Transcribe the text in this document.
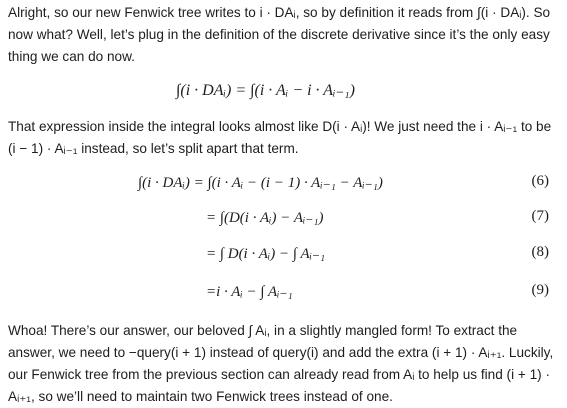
Alright, so our new Fenwick tree writes to i · DAᵢ, so by definition it reads from ∫(i · DAᵢ). So now what? Well, let’s plug in the definition of the discrete derivative since it’s the only easy thing we can do now.

∫(i · DAᵢ) = ∫(i · Aᵢ − i · Aᵢ₋₁)

That expression inside the integral looks almost like D(i · Aᵢ)! We just need the i · Aᵢ₋₁ to be (i − 1) · Aᵢ₋₁ instead, so let’s split apart that term.

∫(i · DAᵢ) = ∫(i · Aᵢ − (i − 1) · Aᵢ₋₁ − Aᵢ₋₁)	(6)
= ∫(D(i · Aᵢ) − Aᵢ₋₁)	(7)
= ∫ D(i · Aᵢ) − ∫ Aᵢ₋₁	(8)
=i · Aᵢ − ∫ Aᵢ₋₁	(9)

Whoa! There’s our answer, our beloved ∫ Aᵢ, in a slightly mangled form! To extract the answer, we need to −query(i + 1) instead of query(i) and add the extra (i + 1) · Aᵢ₊₁. Luckily, our Fenwick tree from the previous section can already read from Aᵢ to help us find (i + 1) · Aᵢ₊₁, so we’ll need to maintain two Fenwick trees instead of one.
